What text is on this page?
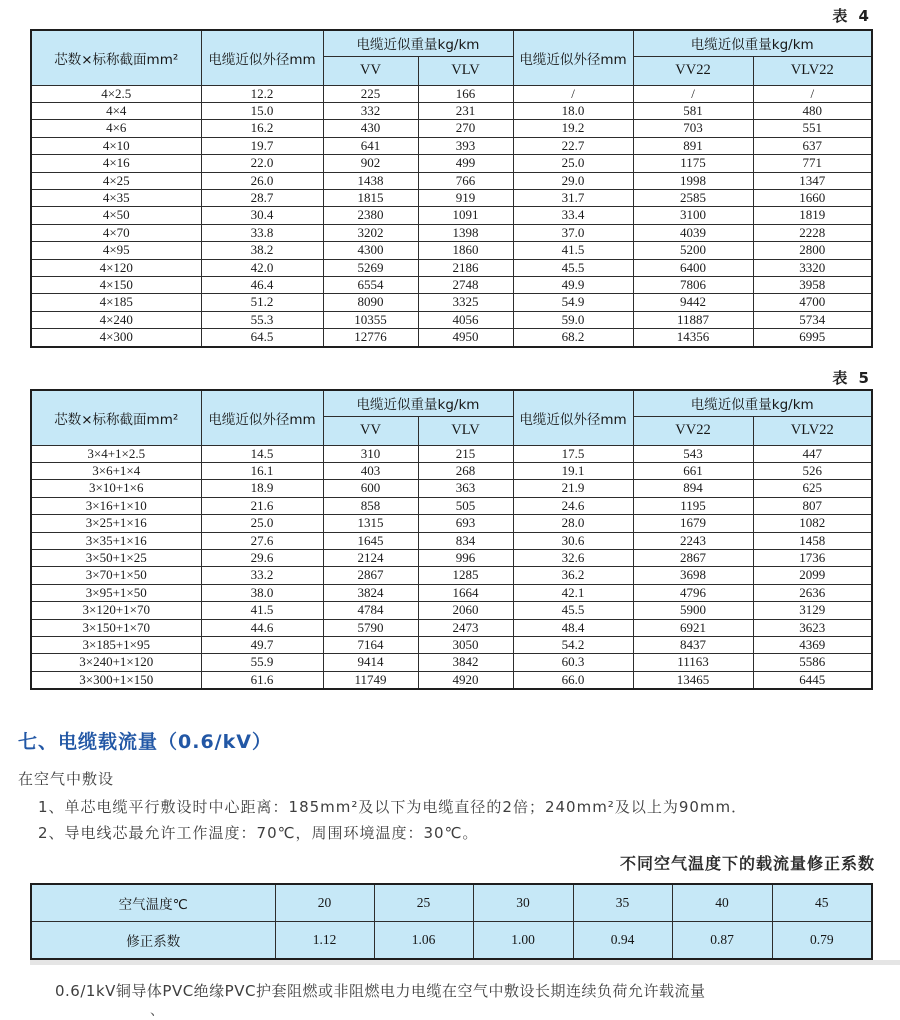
表 4
芯数×标称截面mm²	电缆近似外径mm	电缆近似重量kg/km		电缆近似外径mm	电缆近似重量kg/km	
		VV	VLV		VV22	VLV22
4×2.5	12.2	225	166	/	/	/
4×4	15.0	332	231	18.0	581	480
4×6	16.2	430	270	19.2	703	551
4×10	19.7	641	393	22.7	891	637
4×16	22.0	902	499	25.0	1175	771
4×25	26.0	1438	766	29.0	1998	1347
4×35	28.7	1815	919	31.7	2585	1660
4×50	30.4	2380	1091	33.4	3100	1819
4×70	33.8	3202	1398	37.0	4039	2228
4×95	38.2	4300	1860	41.5	5200	2800
4×120	42.0	5269	2186	45.5	6400	3320
4×150	46.4	6554	2748	49.9	7806	3958
4×185	51.2	8090	3325	54.9	9442	4700
4×240	55.3	10355	4056	59.0	11887	5734
4×300	64.5	12776	4950	68.2	14356	6995
表 5
芯数×标称截面mm²	电缆近似外径mm	电缆近似重量kg/km		电缆近似外径mm	电缆近似重量kg/km	
		VV	VLV		VV22	VLV22
3×4+1×2.5	14.5	310	215	17.5	543	447
3×6+1×4	16.1	403	268	19.1	661	526
3×10+1×6	18.9	600	363	21.9	894	625
3×16+1×10	21.6	858	505	24.6	1195	807
3×25+1×16	25.0	1315	693	28.0	1679	1082
3×35+1×16	27.6	1645	834	30.6	2243	1458
3×50+1×25	29.6	2124	996	32.6	2867	1736
3×70+1×50	33.2	2867	1285	36.2	3698	2099
3×95+1×50	38.0	3824	1664	42.1	4796	2636
3×120+1×70	41.5	4784	2060	45.5	5900	3129
3×150+1×70	44.6	5790	2473	48.4	6921	3623
3×185+1×95	49.7	7164	3050	54.2	8437	4369
3×240+1×120	55.9	9414	3842	60.3	11163	5586
3×300+1×150	61.6	11749	4920	66.0	13465	6445
七、电缆载流量（0.6/kV）
在空气中敷设
1、单芯电缆平行敷设时中心距离：185mm²及以下为电缆直径的2倍；240mm²及以上为90mm．
2、导电线芯最允许工作温度：70℃，周围环境温度：30℃。
不同空气温度下的载流量修正系数
空气温度℃	20	25	30	35	40	45
修正系数	1.12	1.06	1.00	0.94	0.87	0.79
0.6/1kV铜导体PVC绝缘PVC护套阻燃或非阻燃电力电缆在空气中敷设长期连续负荷允许载流量
、
